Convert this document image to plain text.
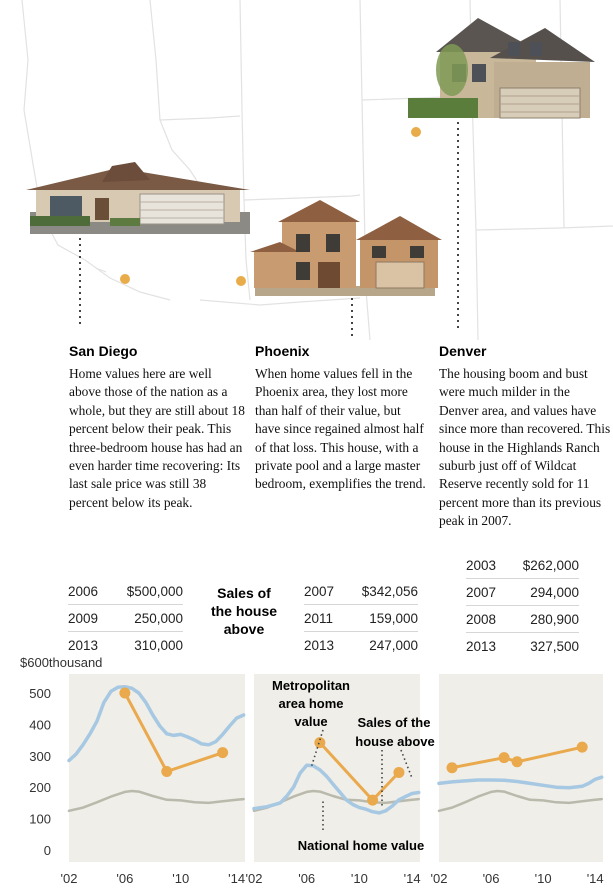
San Diego
Home values here are well above those of the nation as a whole, but they are still about 18 percent below their peak. This three-bedroom house has had an even harder time recovering: Its last sale price was still 38 percent below its peak.
Phoenix
When home values fell in the Phoenix area, they lost more than half of their value, but have since regained almost half of that loss. This house, with a private pool and a large master bedroom, exemplifies the trend.
Denver
The housing boom and bust were much milder in the Denver area, and values have since more than recovered. This house in the Highlands Ranch suburb just off of Wildcat Reserve recently sold for 11 percent more than its previous peak in 2007.
2006	$500,000
2009	250,000
2013	310,000
Sales of
the house
above
2007	$342,056
2011	159,000
2013	247,000
2003	$262,000
2007	294,000
2008	280,900
2013	327,500
'02	'06	'10	'14 '02	'06	'10	'14 '02	'06	'10	'14
0
100
200
300
400
500
$600thousand
Metropolitan
area home
value Sales of the
house above
National home value
